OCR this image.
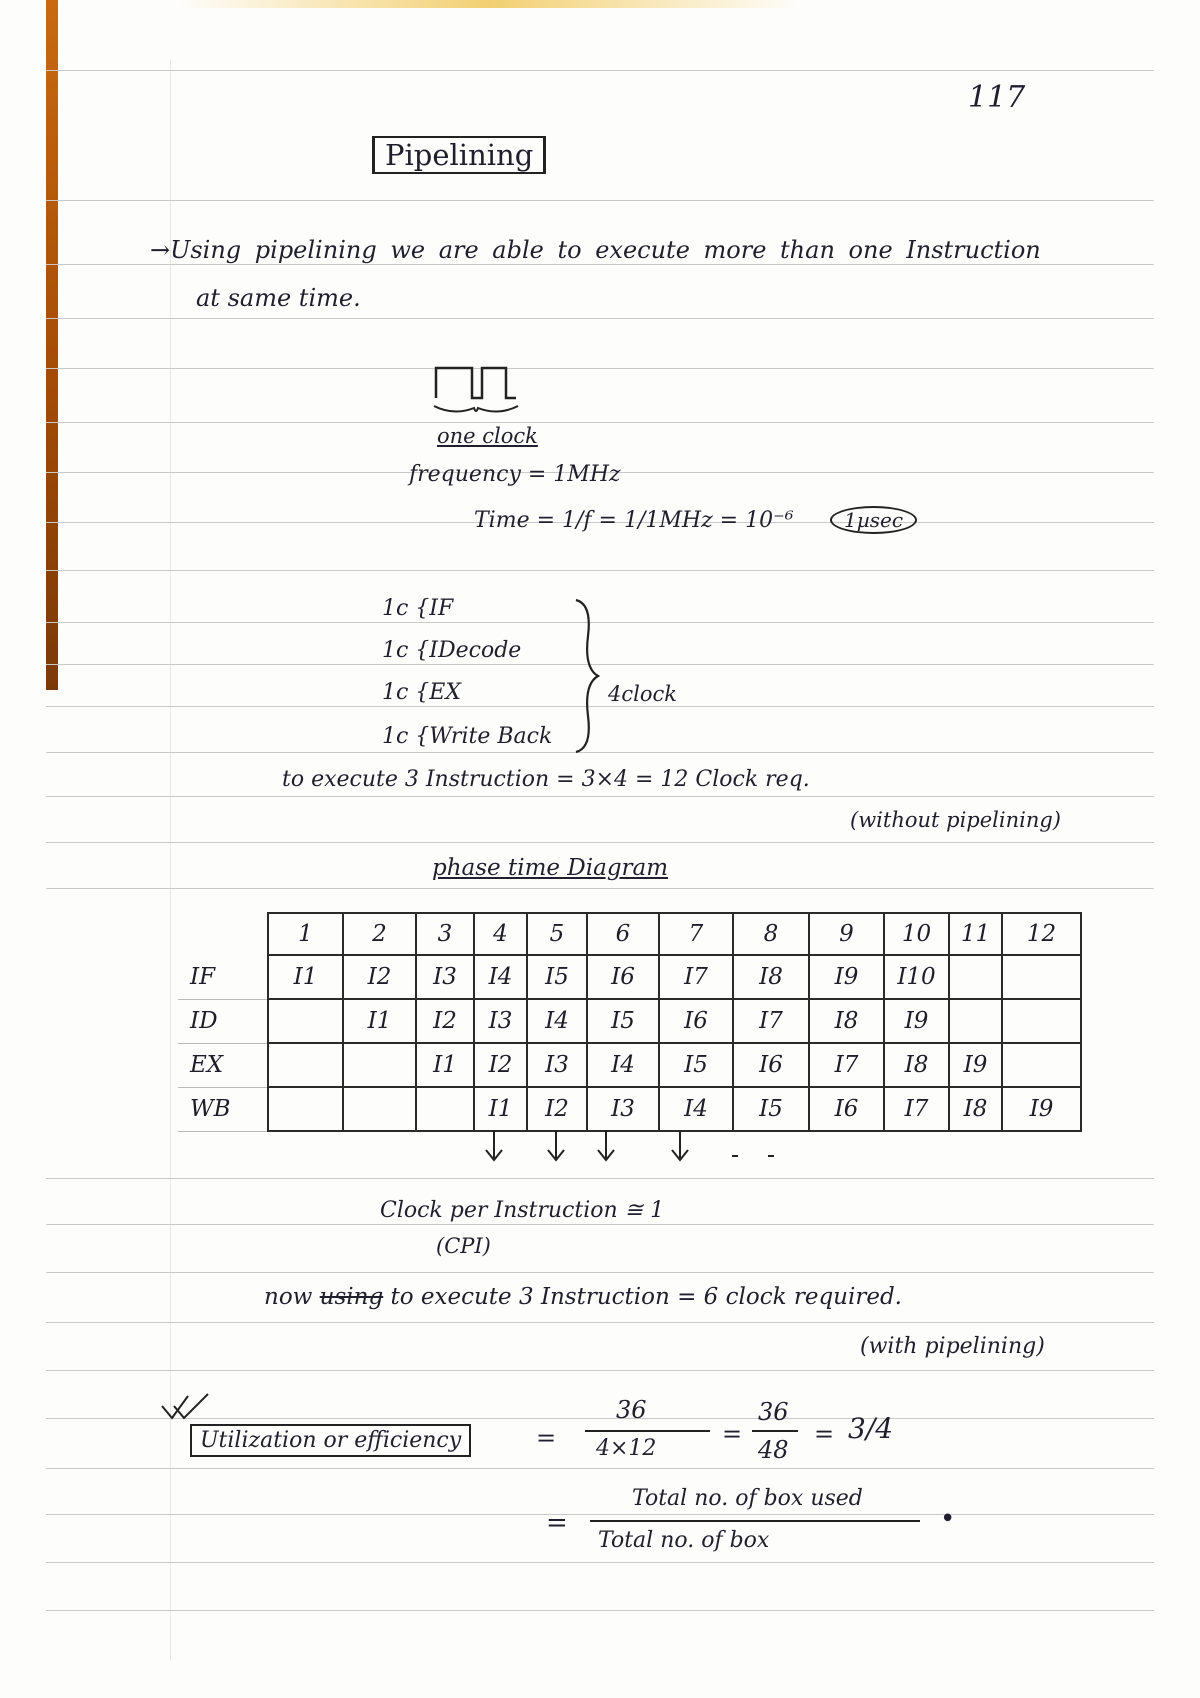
117
Pipelining
→Using pipelining we are able to execute more than one Instruction
at same time.
one clock
frequency = 1MHz
Time = 1/f = 1/1MHz = 10⁻⁶	1µsec
1c {IF
1c {IDecode
1c {EX
1c {Write Back
4clock
to execute 3 Instruction = 3×4 = 12 Clock req.
(without pipelining)
phase time Diagram
	1	2	3	4	5	6	7	8	9	10	11	12
IF	I1	I2	I3	I4	I5	I6	I7	I8	I9	I10		
ID		I1	I2	I3	I4	I5	I6	I7	I8	I9		
EX			I1	I2	I3	I4	I5	I6	I7	I8	I9	
WB				I1	I2	I3	I4	I5	I6	I7	I8	I9
Clock per Instruction ≅ 1
(CPI)
now using to execute 3 Instruction = 6 clock required.
(with pipelining)
Utilization or efficiency	=
36
4×12
=
36
48
= 3/4
=
Total no. of box used
Total no. of box
•
